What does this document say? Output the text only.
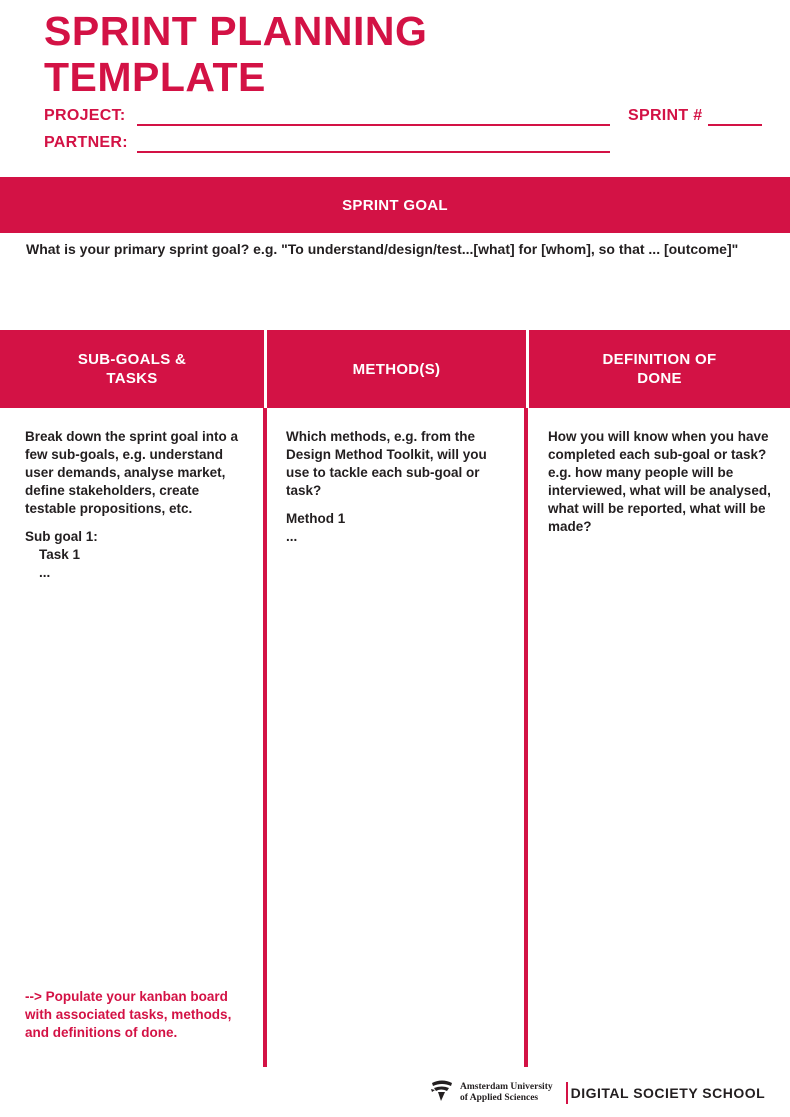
SPRINT PLANNING
TEMPLATE
PROJECT:
PARTNER:
SPRINT #
SPRINT GOAL
What is your primary sprint goal? e.g. "To understand/design/test...[what] for [whom], so that ... [outcome]"
SUB-GOALS &
TASKS
METHOD(S)
DEFINITION OF
DONE

Break down the sprint goal into a few sub-goals, e.g. understand user demands, analyse market, define stakeholders, create testable propositions, etc.

Sub goal 1:

Task 1

...

Which methods, e.g. from the Design Method Toolkit, will you use to tackle each sub-goal or task?

Method 1

...

How you will know when you have completed each sub-goal or task? e.g. how many people will be interviewed, what will be analysed, what will be reported, what will be made?

--> Populate your kanban board with associated tasks, methods, and definitions of done.
Amsterdam University
of Applied Sciences	DIGITAL SOCIETY SCHOOL
